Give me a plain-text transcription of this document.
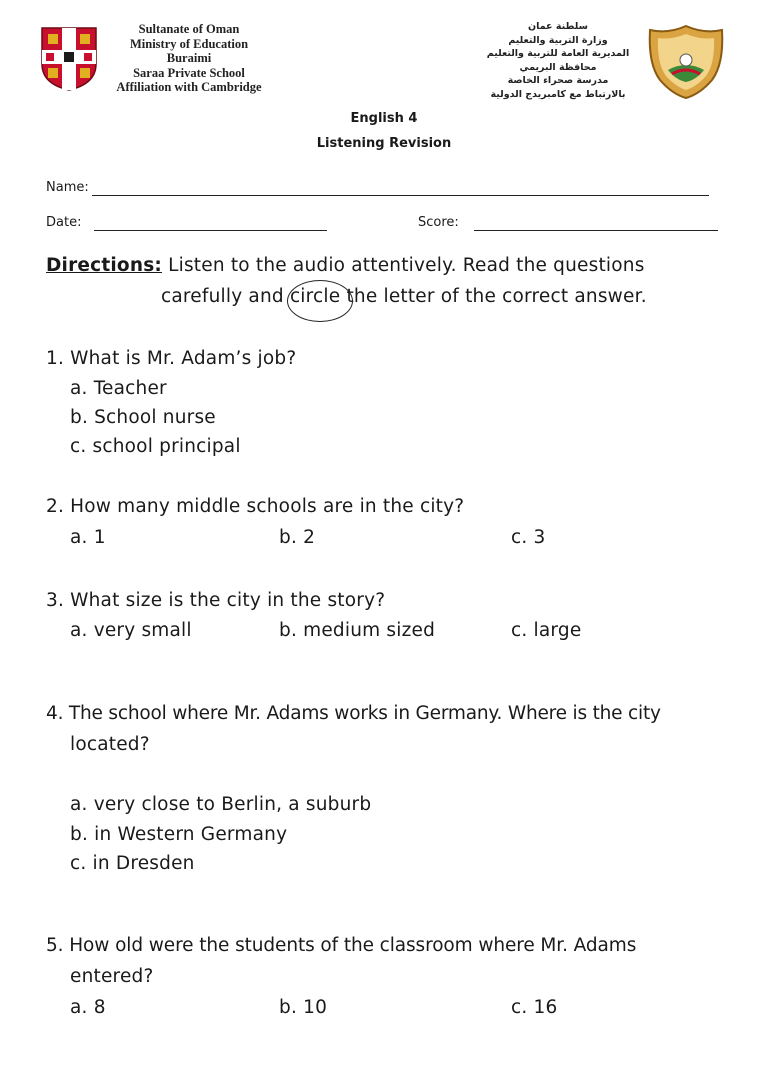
Sultanate of Oman
Ministry of Education
Buraimi
Saraa Private School
Affiliation with Cambridge
سلطنة عمان
وزارة التربية والتعليم
المديرية العامة للتربية والتعليم
محافظة البريمي
مدرسة صحراء الخاصة
بالارتباط مع كامبريدج الدولية
English 4
Listening Revision
Name:
Date:	Score:
Directions: Listen to the audio attentively. Read the questions
carefully and circle the letter of the correct answer.
1. What is Mr. Adam’s job?
a. Teacher
b. School nurse
c. school principal
2. How many middle schools are in the city?
a. 1	b. 2	c. 3
3. What size is the city in the story?
a. very small	b. medium sized	c. large
4. The school where Mr. Adams works in Germany. Where is the city
located?
a. very close to Berlin, a suburb
b. in Western Germany
c. in Dresden
5. How old were the students of the classroom where Mr. Adams
entered?
a. 8	b. 10	c. 16
